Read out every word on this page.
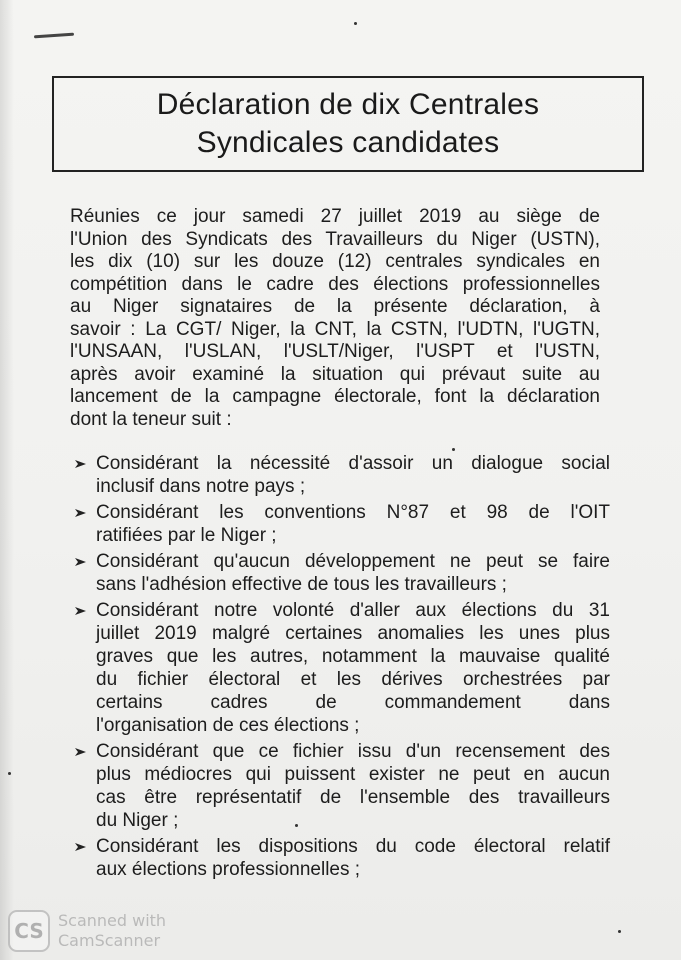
Déclaration de dix Centrales
Syndicales candidates
Réunies ce jour samedi 27 juillet 2019 au siège de
l'Union des Syndicats des Travailleurs du Niger (USTN),
les dix (10) sur les douze (12) centrales syndicales en
compétition dans le cadre des élections professionnelles
au Niger signataires de la présente déclaration, à
savoir : La CGT/ Niger, la CNT, la CSTN, l'UDTN, l'UGTN,
l'UNSAAN, l'USLAN, l'USLT/Niger, l'USPT et l'USTN,
après avoir examiné la situation qui prévaut suite au
lancement de la campagne électorale, font la déclaration
dont la teneur suit :
Considérant la nécessité d'assoir un dialogue social
inclusif dans notre pays ;
Considérant les conventions N°87 et 98 de l'OIT
ratifiées par le Niger ;
Considérant qu'aucun développement ne peut se faire
sans l'adhésion effective de tous les travailleurs ;
Considérant notre volonté d'aller aux élections du 31
juillet 2019 malgré certaines anomalies les unes plus
graves que les autres, notamment la mauvaise qualité
du fichier électoral et les dérives orchestrées par
certains cadres de commandement dans
l'organisation de ces élections ;
Considérant que ce fichier issu d'un recensement des
plus médiocres qui puissent exister ne peut en aucun
cas être représentatif de l'ensemble des travailleurs
du Niger ;
Considérant les dispositions du code électoral relatif
aux élections professionnelles ;
CS Scanned with
CamScanner
